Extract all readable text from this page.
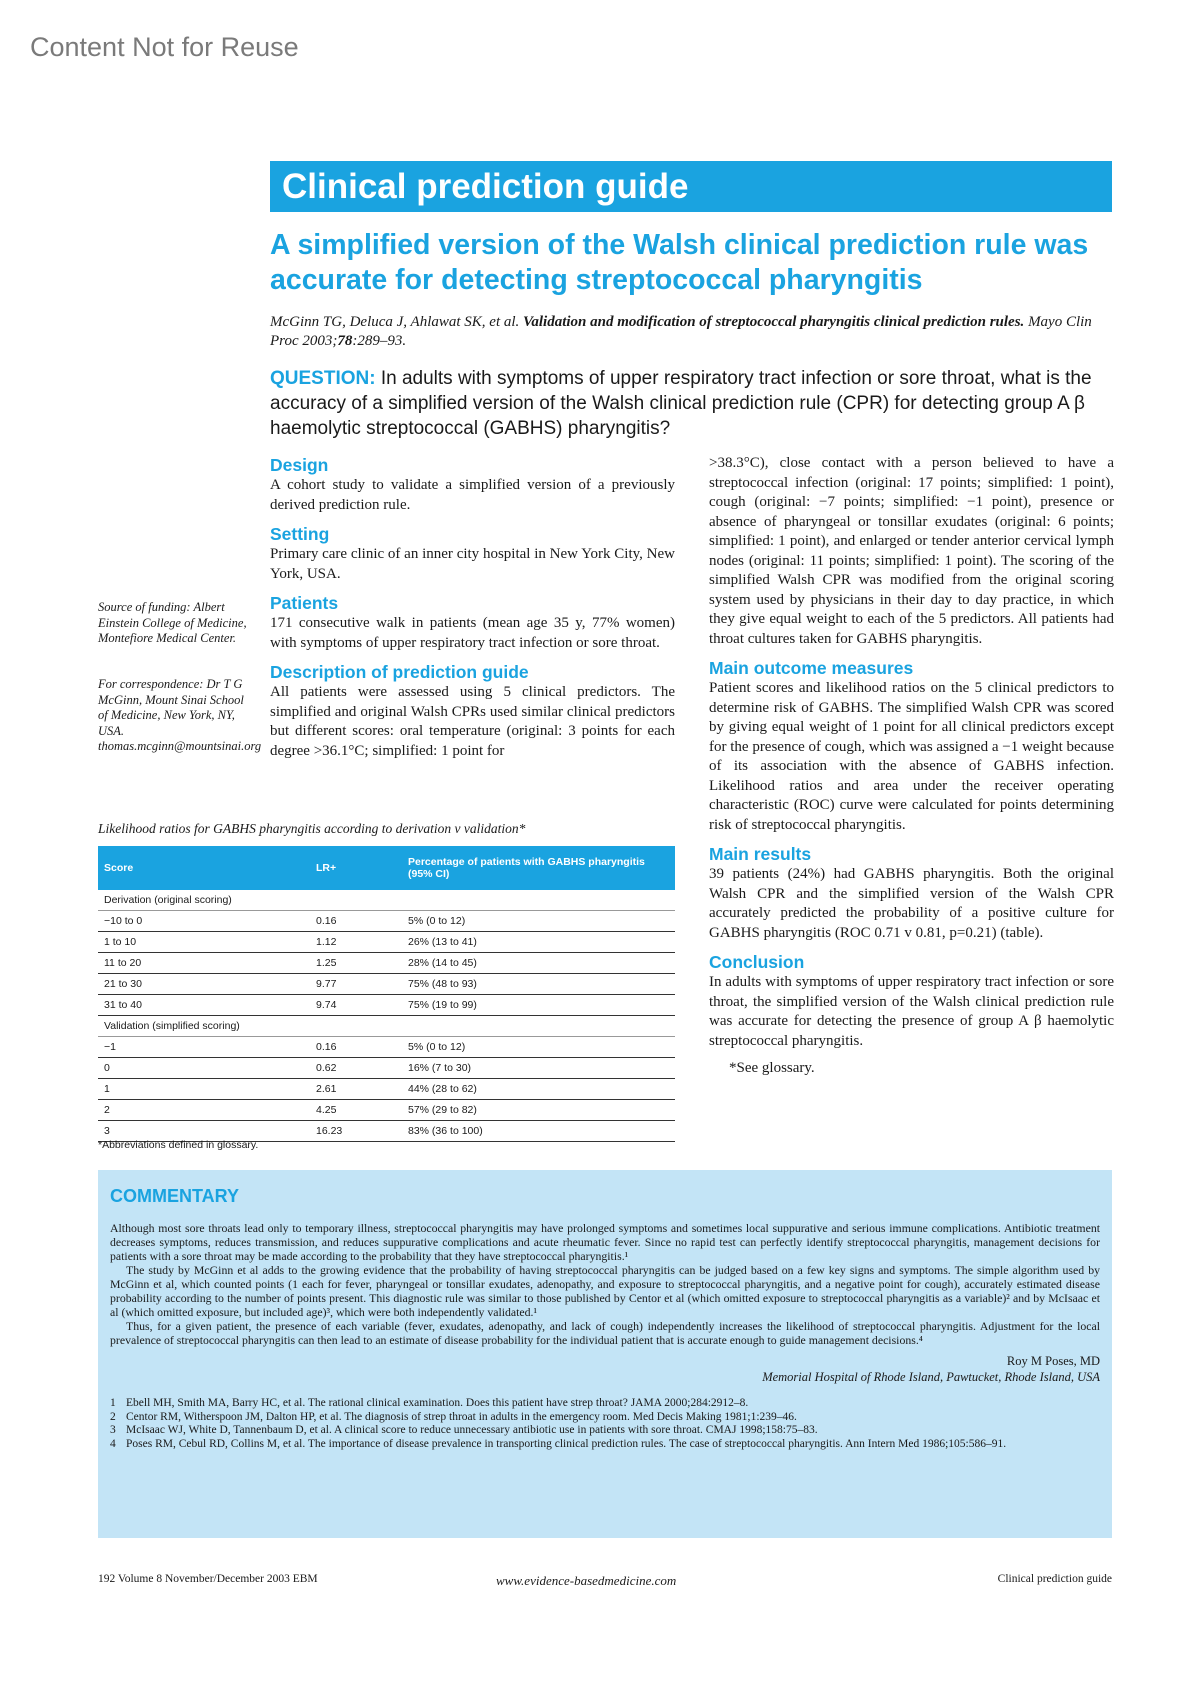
Content Not for Reuse
Clinical prediction guide
A simplified version of the Walsh clinical prediction rule was accurate for detecting streptococcal pharyngitis
McGinn TG, Deluca J, Ahlawat SK, et al. Validation and modification of streptococcal pharyngitis clinical prediction rules. Mayo Clin Proc 2003;78:289–93.
QUESTION: In adults with symptoms of upper respiratory tract infection or sore throat, what is the accuracy of a simplified version of the Walsh clinical prediction rule (CPR) for detecting group A β haemolytic streptococcal (GABHS) pharyngitis?
Source of funding: Albert Einstein College of Medicine, Montefiore Medical Center.
For correspondence: Dr T G McGinn, Mount Sinai School of Medicine, New York, NY, USA. thomas.mcginn@mountsinai.org
Design

A cohort study to validate a simplified version of a previously derived prediction rule.

Setting

Primary care clinic of an inner city hospital in New York City, New York, USA.

Patients

171 consecutive walk in patients (mean age 35 y, 77% women) with symptoms of upper respiratory tract infection or sore throat.

Description of prediction guide

All patients were assessed using 5 clinical predictors. The simplified and original Walsh CPRs used similar clinical predictors but different scores: oral temperature (original: 3 points for each degree >36.1°C; simplified: 1 point for

>38.3°C), close contact with a person believed to have a streptococcal infection (original: 17 points; simplified: 1 point), cough (original: −7 points; simplified: −1 point), presence or absence of pharyngeal or tonsillar exudates (original: 6 points; simplified: 1 point), and enlarged or tender anterior cervical lymph nodes (original: 11 points; simplified: 1 point). The scoring of the simplified Walsh CPR was modified from the original scoring system used by physicians in their day to day practice, in which they give equal weight to each of the 5 predictors. All patients had throat cultures taken for GABHS pharyngitis.

Main outcome measures

Patient scores and likelihood ratios on the 5 clinical predictors to determine risk of GABHS. The simplified Walsh CPR was scored by giving equal weight of 1 point for all clinical predictors except for the presence of cough, which was assigned a −1 weight because of its association with the absence of GABHS infection. Likelihood ratios and area under the receiver operating characteristic (ROC) curve were calculated for points determining risk of streptococcal pharyngitis.

Main results

39 patients (24%) had GABHS pharyngitis. Both the original Walsh CPR and the simplified version of the Walsh CPR accurately predicted the probability of a positive culture for GABHS pharyngitis (ROC 0.71 v 0.81, p=0.21) (table).

Conclusion

In adults with symptoms of upper respiratory tract infection or sore throat, the simplified version of the Walsh clinical prediction rule was accurate for detecting the presence of group A β haemolytic streptococcal pharyngitis.

*See glossary.

Likelihood ratios for GABHS pharyngitis according to derivation v validation*
Score	LR+	Percentage of patients with GABHS pharyngitis (95% CI)
Derivation (original scoring)		
−10 to 0	0.16	5% (0 to 12)
1 to 10	1.12	26% (13 to 41)
11 to 20	1.25	28% (14 to 45)
21 to 30	9.77	75% (48 to 93)
31 to 40	9.74	75% (19 to 99)
Validation (simplified scoring)		
−1	0.16	5% (0 to 12)
0	0.62	16% (7 to 30)
1	2.61	44% (28 to 62)
2	4.25	57% (29 to 82)
3	16.23	83% (36 to 100)
*Abbreviations defined in glossary.
COMMENTARY

Although most sore throats lead only to temporary illness, streptococcal pharyngitis may have prolonged symptoms and sometimes local suppurative and serious immune complications. Antibiotic treatment decreases symptoms, reduces transmission, and reduces suppurative complications and acute rheumatic fever. Since no rapid test can perfectly identify streptococcal pharyngitis, management decisions for patients with a sore throat may be made according to the probability that they have streptococcal pharyngitis.¹

The study by McGinn et al adds to the growing evidence that the probability of having streptococcal pharyngitis can be judged based on a few key signs and symptoms. The simple algorithm used by McGinn et al, which counted points (1 each for fever, pharyngeal or tonsillar exudates, adenopathy, and exposure to streptococcal pharyngitis, and a negative point for cough), accurately estimated disease probability according to the number of points present. This diagnostic rule was similar to those published by Centor et al (which omitted exposure to streptococcal pharyngitis as a variable)² and by McIsaac et al (which omitted exposure, but included age)³, which were both independently validated.¹

Thus, for a given patient, the presence of each variable (fever, exudates, adenopathy, and lack of cough) independently increases the likelihood of streptococcal pharyngitis. Adjustment for the local prevalence of streptococcal pharyngitis can then lead to an estimate of disease probability for the individual patient that is accurate enough to guide management decisions.⁴

Roy M Poses, MD
Memorial Hospital of Rhode Island, Pawtucket, Rhode Island, USA
1 Ebell MH, Smith MA, Barry HC, et al. The rational clinical examination. Does this patient have strep throat? JAMA 2000;284:2912–8.
2 Centor RM, Witherspoon JM, Dalton HP, et al. The diagnosis of strep throat in adults in the emergency room. Med Decis Making 1981;1:239–46.
3 McIsaac WJ, White D, Tannenbaum D, et al. A clinical score to reduce unnecessary antibiotic use in patients with sore throat. CMAJ 1998;158:75–83.
4 Poses RM, Cebul RD, Collins M, et al. The importance of disease prevalence in transporting clinical prediction rules. The case of streptococcal pharyngitis. Ann Intern Med 1986;105:586–91.
192 Volume 8 November/December 2003 EBM	www.evidence-basedmedicine.com	Clinical prediction guide
